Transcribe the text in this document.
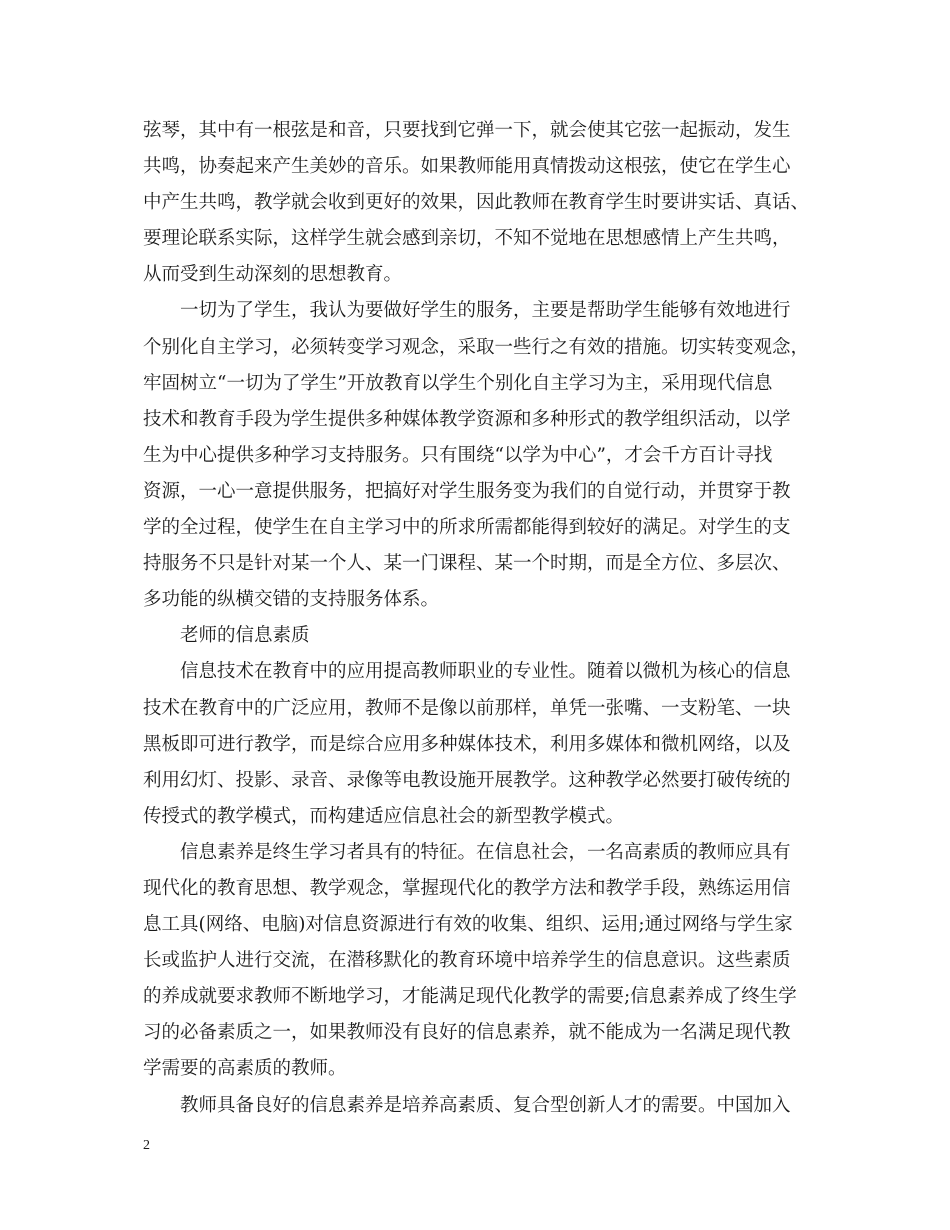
弦琴，其中有一根弦是和音，只要找到它弹一下，就会使其它弦一起振动，发生
共鸣，协奏起来产生美妙的音乐。如果教师能用真情拨动这根弦，使它在学生心
中产生共鸣，教学就会收到更好的效果，因此教师在教育学生时要讲实话、真话、
要理论联系实际，这样学生就会感到亲切，不知不觉地在思想感情上产生共鸣，
从而受到生动深刻的思想教育。
一切为了学生，我认为要做好学生的服务，主要是帮助学生能够有效地进行
个别化自主学习，必须转变学习观念，采取一些行之有效的措施。切实转变观念，
牢固树立“一切为了学生”开放教育以学生个别化自主学习为主，采用现代信息
技术和教育手段为学生提供多种媒体教学资源和多种形式的教学组织活动，以学
生为中心提供多种学习支持服务。只有围绕“以学为中心”，才会千方百计寻找
资源，一心一意提供服务，把搞好对学生服务变为我们的自觉行动，并贯穿于教
学的全过程，使学生在自主学习中的所求所需都能得到较好的满足。对学生的支
持服务不只是针对某一个人、某一门课程、某一个时期，而是全方位、多层次、
多功能的纵横交错的支持服务体系。
老师的信息素质
信息技术在教育中的应用提高教师职业的专业性。随着以微机为核心的信息
技术在教育中的广泛应用，教师不是像以前那样，单凭一张嘴、一支粉笔、一块
黑板即可进行教学，而是综合应用多种媒体技术，利用多媒体和微机网络，以及
利用幻灯、投影、录音、录像等电教设施开展教学。这种教学必然要打破传统的
传授式的教学模式，而构建适应信息社会的新型教学模式。
信息素养是终生学习者具有的特征。在信息社会，一名高素质的教师应具有
现代化的教育思想、教学观念，掌握现代化的教学方法和教学手段，熟练运用信
息工具(网络、电脑)对信息资源进行有效的收集、组织、运用;通过网络与学生家
长或监护人进行交流，在潜移默化的教育环境中培养学生的信息意识。这些素质
的养成就要求教师不断地学习，才能满足现代化教学的需要;信息素养成了终生学
习的必备素质之一，如果教师没有良好的信息素养，就不能成为一名满足现代教
学需要的高素质的教师。
教师具备良好的信息素养是培养高素质、复合型创新人才的需要。中国加入
2
